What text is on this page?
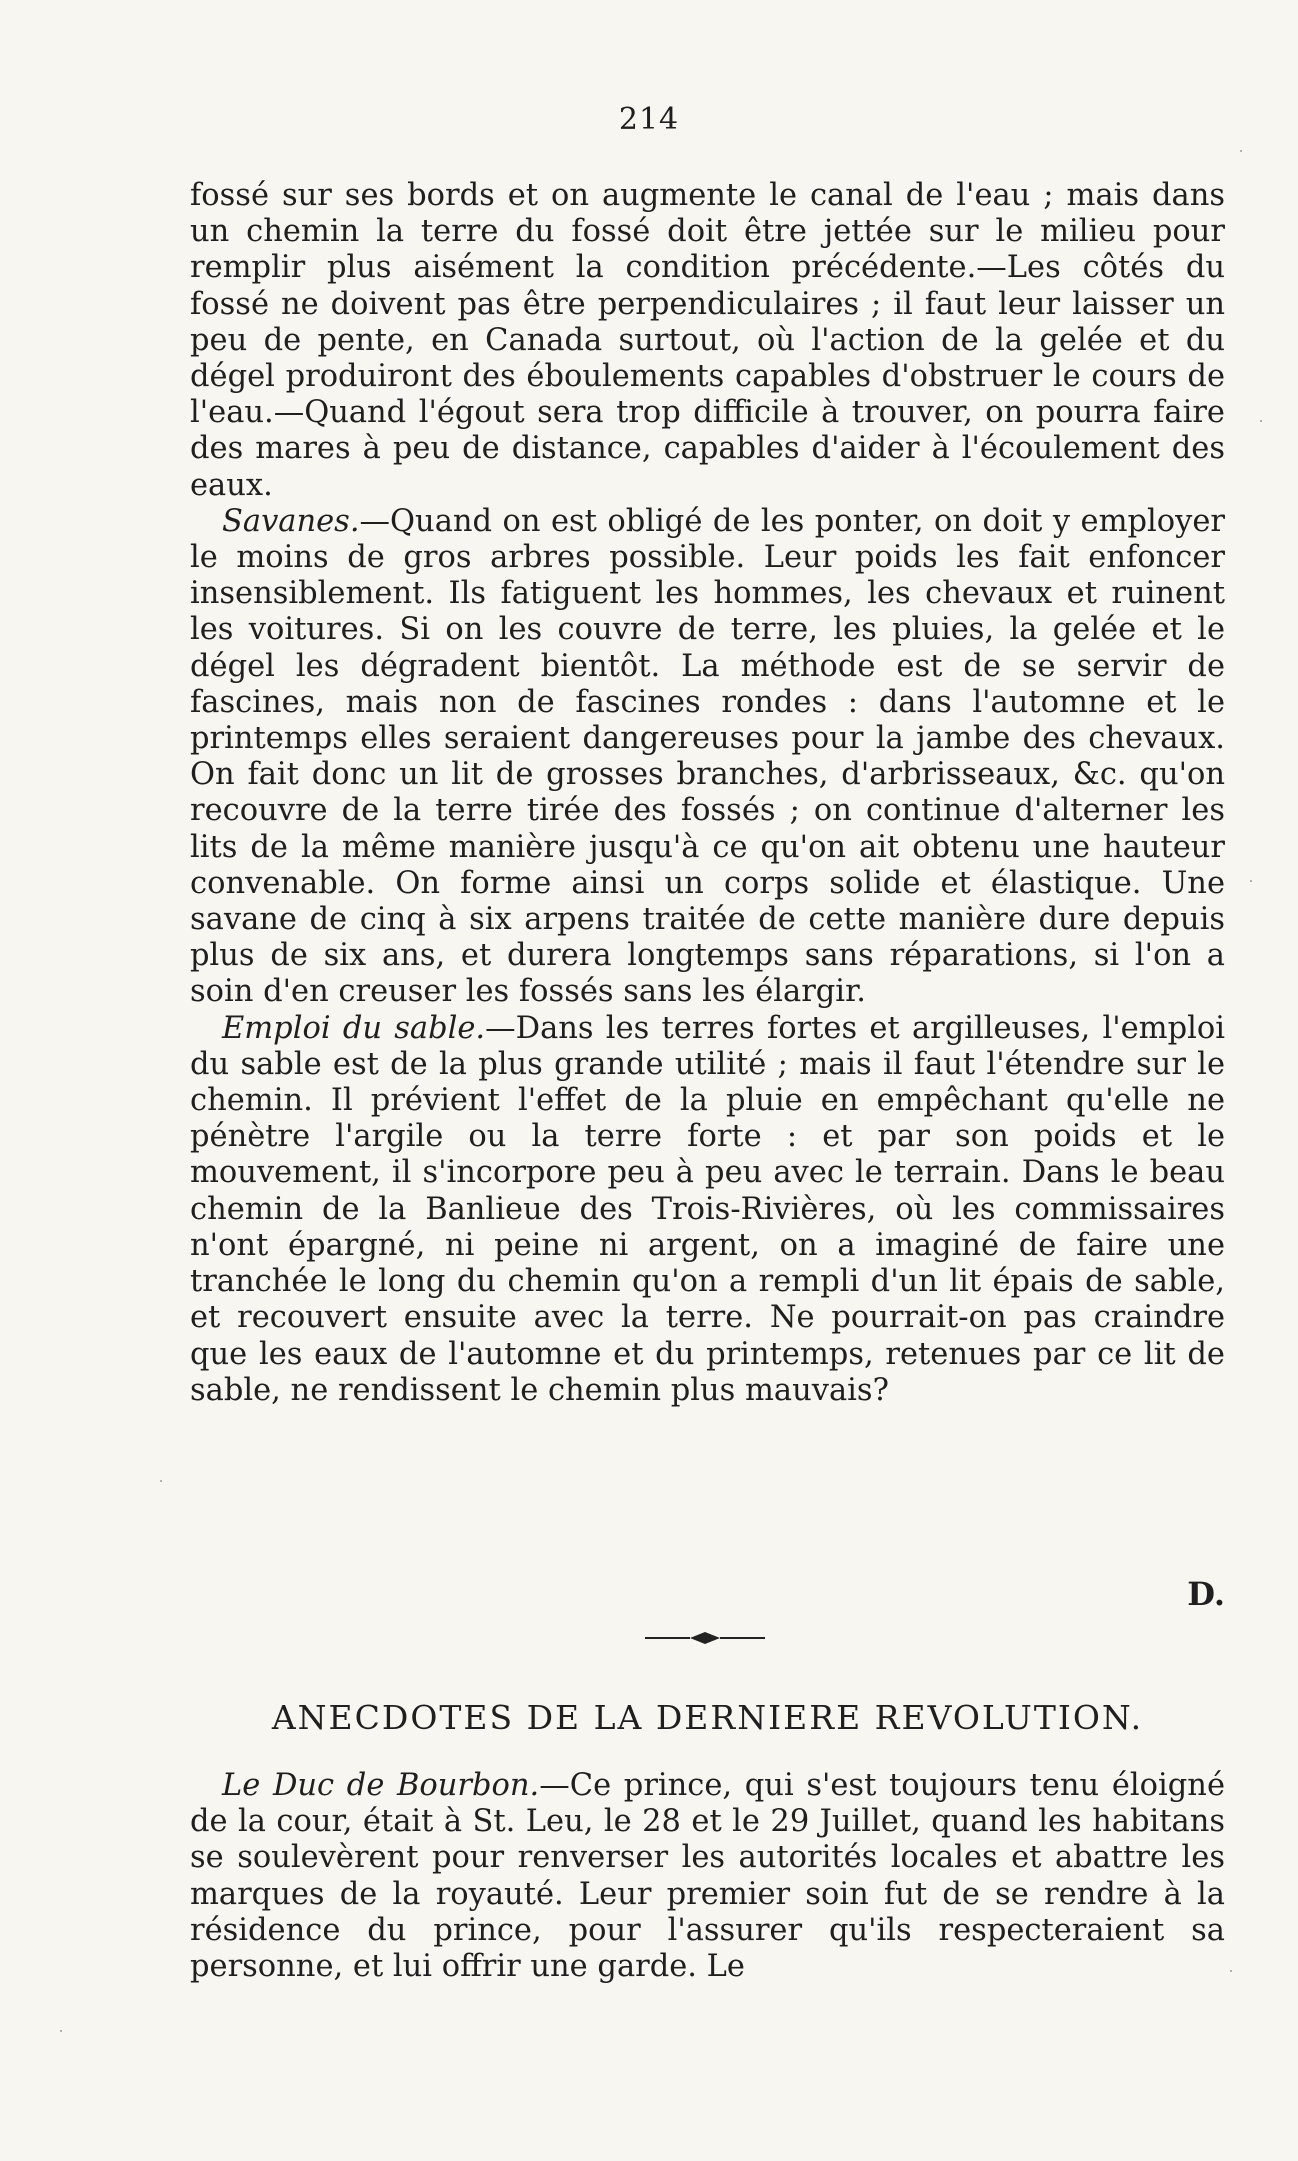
214

fossé sur ses bords et on augmente le canal de l'eau ; mais dans un chemin la terre du fossé doit être jettée sur le milieu pour remplir plus aisément la condition précédente.—Les côtés du fossé ne doivent pas être perpendiculaires ; il faut leur laisser un peu de pente, en Canada surtout, où l'action de la gelée et du dégel produiront des éboulements capables d'obstruer le cours de l'eau.—Quand l'égout sera trop difficile à trouver, on pourra faire des mares à peu de distance, capables d'aider à l'écoulement des eaux.

Savanes.—Quand on est obligé de les ponter, on doit y employer le moins de gros arbres possible. Leur poids les fait enfoncer insensiblement. Ils fatiguent les hommes, les chevaux et ruinent les voitures. Si on les couvre de terre, les pluies, la gelée et le dégel les dégradent bientôt. La méthode est de se servir de fascines, mais non de fascines rondes : dans l'automne et le printemps elles seraient dangereuses pour la jambe des chevaux. On fait donc un lit de grosses branches, d'arbrisseaux, &c. qu'on recouvre de la terre tirée des fossés ; on continue d'alterner les lits de la même manière jusqu'à ce qu'on ait obtenu une hauteur convenable. On forme ainsi un corps solide et élastique. Une savane de cinq à six arpens traitée de cette manière dure depuis plus de six ans, et durera longtemps sans réparations, si l'on a soin d'en creuser les fossés sans les élargir.

Emploi du sable.—Dans les terres fortes et argilleuses, l'emploi du sable est de la plus grande utilité ; mais il faut l'étendre sur le chemin. Il prévient l'effet de la pluie en empêchant qu'elle ne pénètre l'argile ou la terre forte : et par son poids et le mouvement, il s'incorpore peu à peu avec le terrain. Dans le beau chemin de la Banlieue des Trois-Rivières, où les commissaires n'ont épargné, ni peine ni argent, on a imaginé de faire une tranchée le long du chemin qu'on a rempli d'un lit épais de sable, et recouvert ensuite avec la terre. Ne pourrait-on pas craindre que les eaux de l'automne et du printemps, retenues par ce lit de sable, ne rendissent le chemin plus mauvais?

D.
ANECDOTES DE LA DERNIERE REVOLUTION.

Le Duc de Bourbon.—Ce prince, qui s'est toujours tenu éloigné de la cour, était à St. Leu, le 28 et le 29 Juillet, quand les habitans se soulevèrent pour renverser les autorités locales et abattre les marques de la royauté. Leur premier soin fut de se rendre à la résidence du prince, pour l'assurer qu'ils respecteraient sa personne, et lui offrir une garde. Le
